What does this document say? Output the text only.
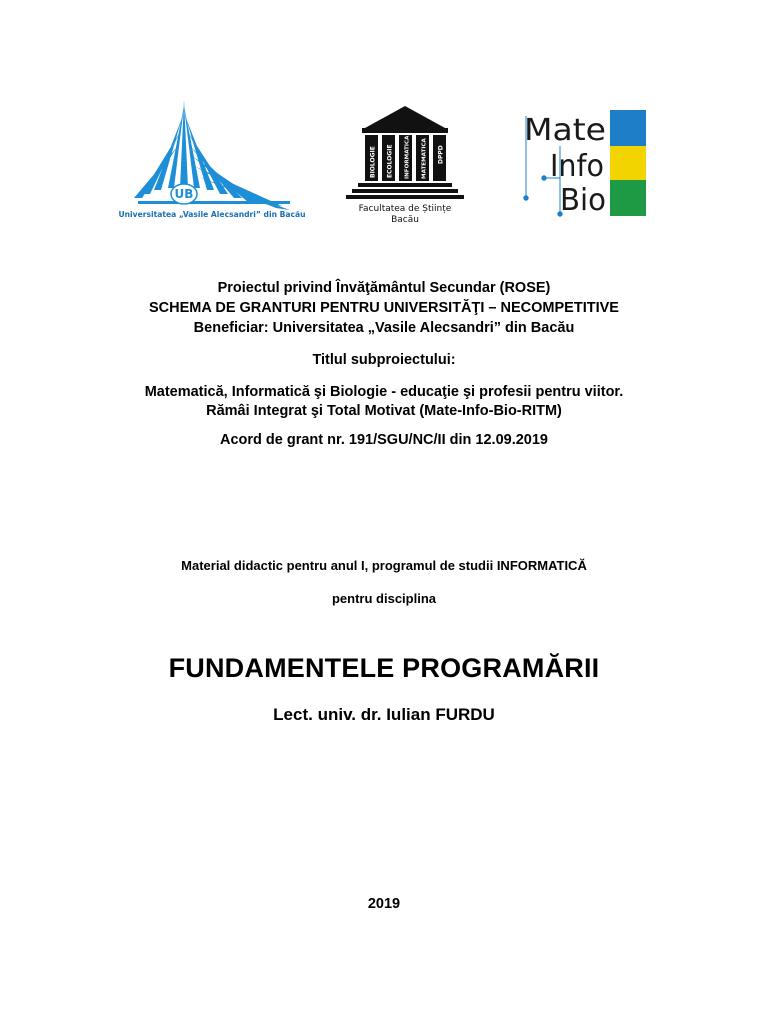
UB
Universitatea „Vasile Alecsandri” din Bacău
BIOLOGIE ECOLOGIE INFORMATICA MATEMATICA DPPD
Facultatea de Științe
Bacău
Mate
Info
Bio

Proiectul privind Învăţământul Secundar (ROSE)

SCHEMA DE GRANTURI PENTRU UNIVERSITĂŢI – NECOMPETITIVE

Beneficiar: Universitatea „Vasile Alecsandri” din Bacău

Titlul subproiectului:

Matematică, Informatică şi Biologie - educaţie şi profesii pentru viitor.

Rămâi Integrat şi Total Motivat (Mate-Info-Bio-RITM)

Acord de grant nr. 191/SGU/NC/II din 12.09.2019

Material didactic pentru anul I, programul de studii INFORMATICĂ

pentru disciplina

FUNDAMENTELE PROGRAMĂRII

Lect. univ. dr. Iulian FURDU

2019
